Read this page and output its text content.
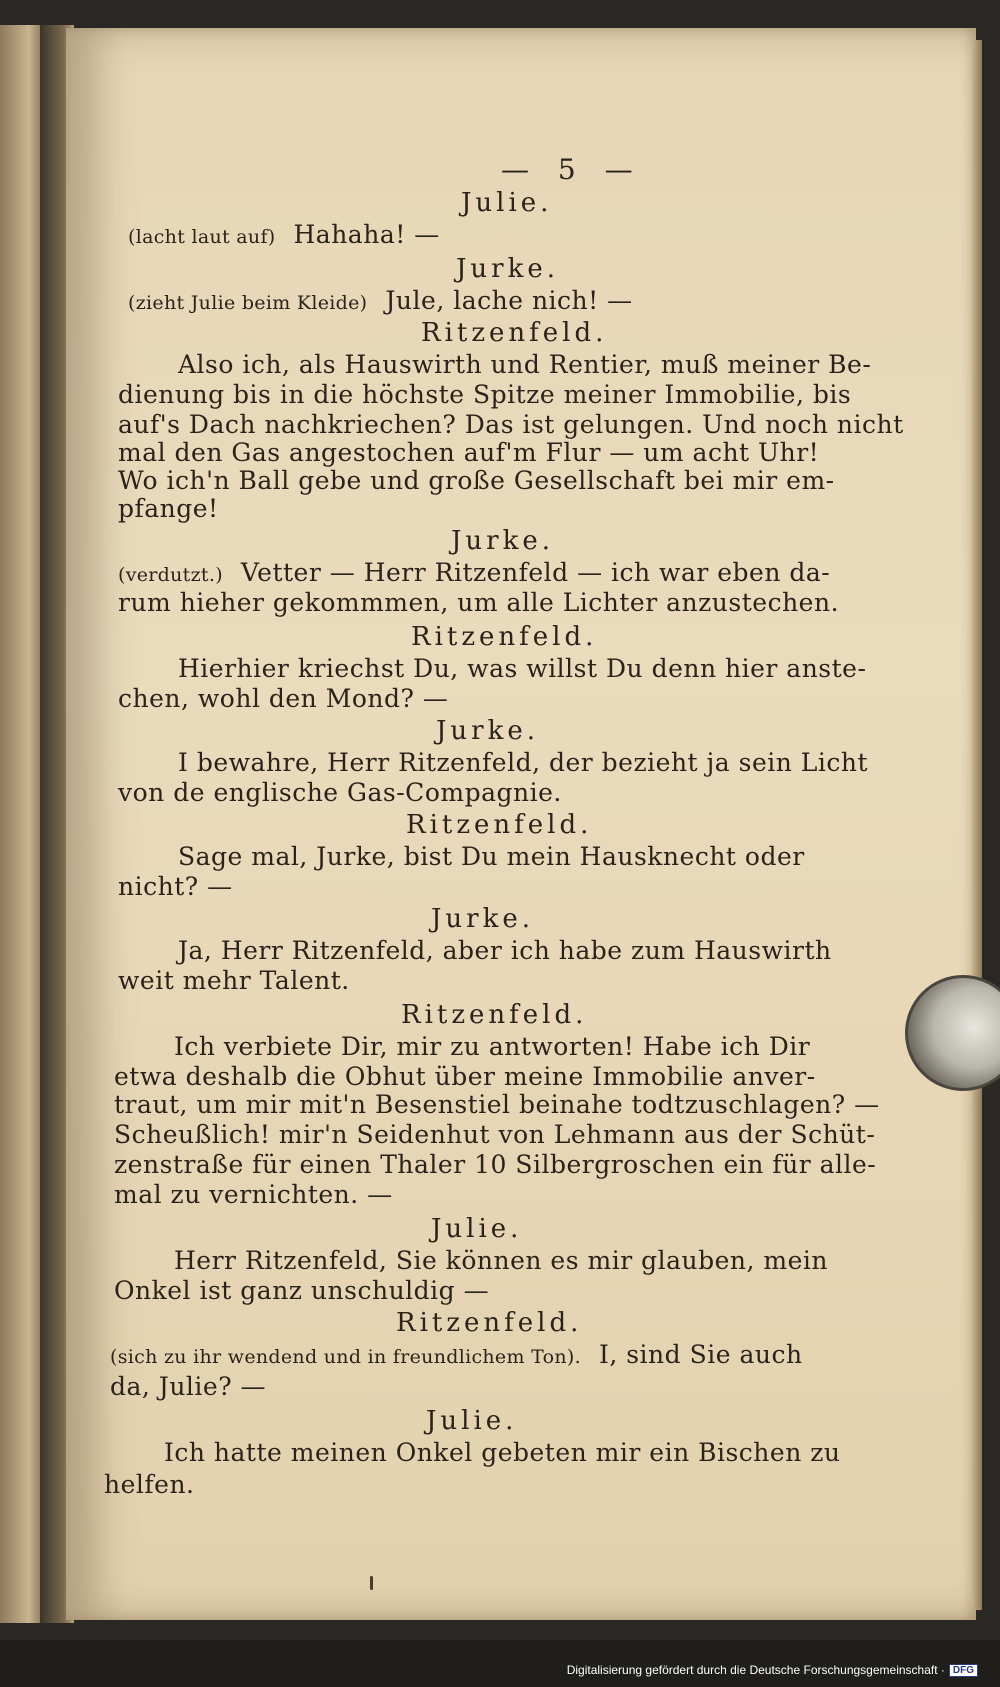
— 5 —
Julie.
(lacht laut auf) Hahaha! —
Jurke.
(zieht Julie beim Kleide) Jule, lache nich! —
Ritzenfeld.
Also ich, als Hauswirth und Rentier, muß meiner Be-
dienung bis in die höchste Spitze meiner Immobilie, bis
auf's Dach nachkriechen? Das ist gelungen. Und noch nicht
mal den Gas angestochen auf'm Flur — um acht Uhr!
Wo ich'n Ball gebe und große Gesellschaft bei mir em-
pfange!
Jurke.
(verdutzt.) Vetter — Herr Ritzenfeld — ich war eben da-
rum hieher gekommmen, um alle Lichter anzustechen.
Ritzenfeld.
Hierhier kriechst Du, was willst Du denn hier anste-
chen, wohl den Mond? —
Jurke.
I bewahre, Herr Ritzenfeld, der bezieht ja sein Licht
von de englische Gas-Compagnie.
Ritzenfeld.
Sage mal, Jurke, bist Du mein Hausknecht oder
nicht? —
Jurke.
Ja, Herr Ritzenfeld, aber ich habe zum Hauswirth
weit mehr Talent.
Ritzenfeld.
Ich verbiete Dir, mir zu antworten! Habe ich Dir
etwa deshalb die Obhut über meine Immobilie anver-
traut, um mir mit'n Besenstiel beinahe todtzuschlagen? —
Scheußlich! mir'n Seidenhut von Lehmann aus der Schüt-
zenstraße für einen Thaler 10 Silbergroschen ein für alle-
mal zu vernichten. —
Julie.
Herr Ritzenfeld, Sie können es mir glauben, mein
Onkel ist ganz unschuldig —
Ritzenfeld.
(sich zu ihr wendend und in freundlichem Ton). I, sind Sie auch
da, Julie? —
Julie.
Ich hatte meinen Onkel gebeten mir ein Bischen zu
helfen.
Digitalisierung gefördert durch die Deutsche Forschungsgemeinschaft · DFG
